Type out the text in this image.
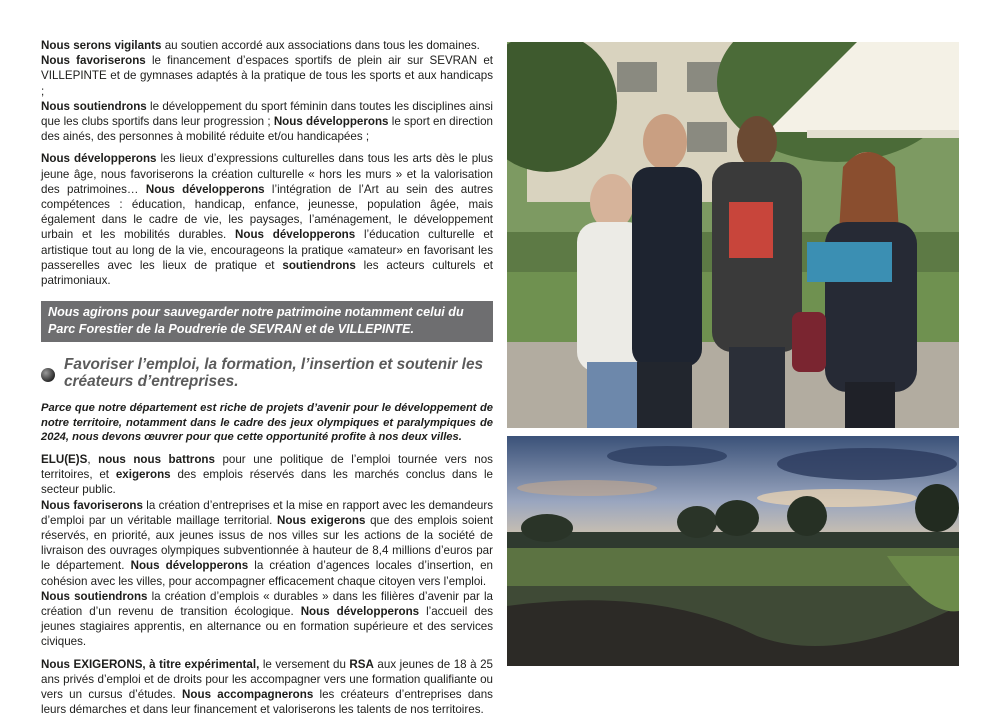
Nous serons vigilants au soutien accordé aux associations dans tous les domaines.
Nous favoriserons le financement d’espaces sportifs de plein air sur SEVRAN et VILLEPINTE et de gymnases adaptés à la pratique de tous les sports et aux handicaps ;
Nous soutiendrons le développement du sport féminin dans toutes les disciplines ainsi que les clubs sportifs dans leur progression ; Nous développerons le sport en direction des ainés, des personnes à mobilité réduite et/ou handicapées ;

Nous développerons les lieux d’expressions culturelles dans tous les arts dès le plus jeune âge, nous favoriserons la création culturelle « hors les murs » et la valorisation des patrimoines… Nous développerons l’intégration de l’Art au sein des autres compétences : éducation, handicap, enfance, jeunesse, population âgée, mais également dans le cadre de vie, les paysages, l’aménagement, le développement urbain et les mobilités durables. Nous développerons l’éducation culturelle et artistique tout au long de la vie, encourageons la pratique «amateur» en favorisant les passerelles avec les lieux de pratique et soutiendrons les acteurs culturels et patrimoniaux.

Nous agirons pour sauvegarder notre patrimoine notamment celui du Parc Forestier de la Poudrerie de SEVRAN et de VILLEPINTE.
Favoriser l’emploi, la formation, l’insertion et soutenir les créateurs d’entreprises.

Parce que notre département est riche de projets d’avenir pour le développement de notre territoire, notamment dans le cadre des jeux olympiques et paralympiques de 2024, nous devons œuvrer pour que cette opportunité profite à nos deux villes.

ELU(E)S, nous nous battrons pour une politique de l’emploi tournée vers nos territoires, et exigerons des emplois réservés dans les marchés conclus dans le secteur public.
Nous favoriserons la création d’entreprises et la mise en rapport avec les demandeurs d’emploi par un véritable maillage territorial. Nous exigerons que des emplois soient réservés, en priorité, aux jeunes issus de nos villes sur les actions de la société de livraison des ouvrages olympiques subventionnée à hauteur de 8,4 millions d’euros par le département. Nous développerons la création d’agences locales d’insertion, en cohésion avec les villes, pour accompagner efficacement chaque citoyen vers l’emploi.
Nous soutiendrons la création d’emplois « durables » dans les filières d’avenir par la création d’un revenu de transition écologique. Nous développerons l’accueil des jeunes stagiaires apprentis, en alternance ou en formation supérieure et des services civiques.

Nous EXIGERONS, à titre expérimental, le versement du RSA aux jeunes de 18 à 25 ans privés d’emploi et de droits pour les accompagner vers une formation qualifiante ou vers un cursus d’études. Nous accompagnerons les créateurs d’entreprises dans leurs démarches et dans leur financement et valoriserons les talents de nos territoires.
